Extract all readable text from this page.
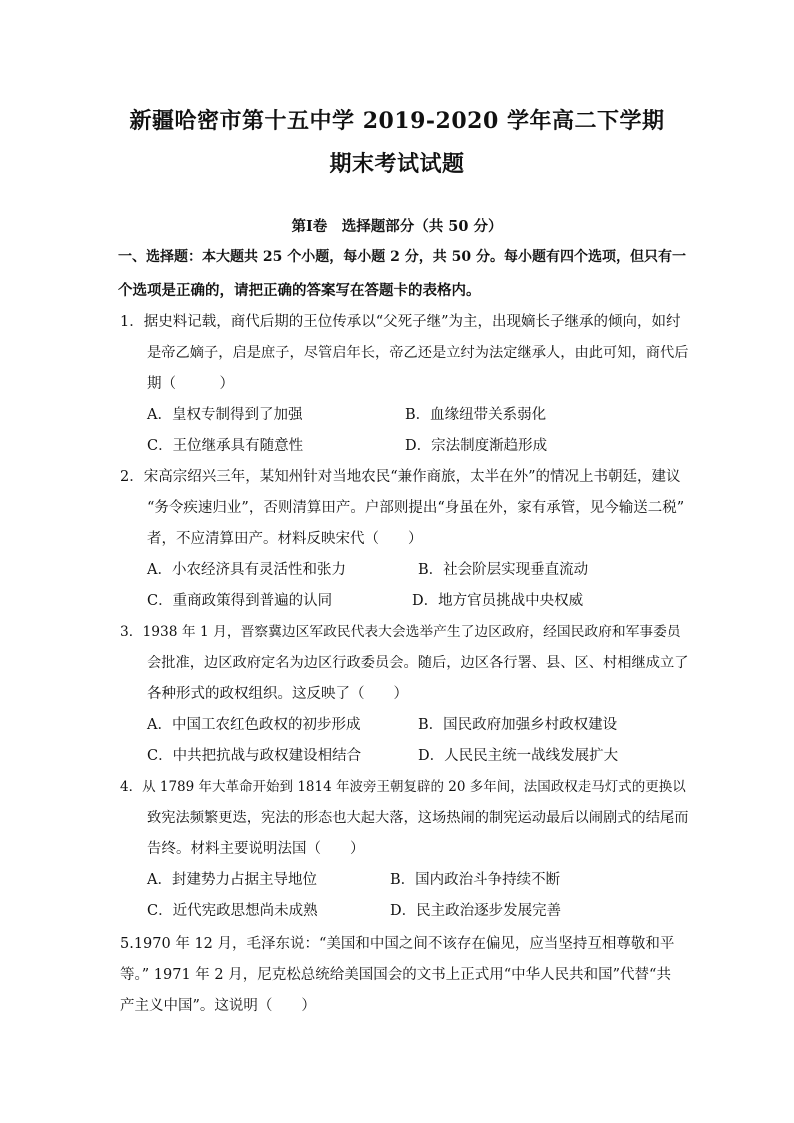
新疆哈密市第十五中学 2019-2020 学年高二下学期
期末考试试题
第Ⅰ卷　选择题部分（共 50 分）
一、选择题：本大题共 25 个小题，每小题 2 分，共 50 分。每小题有四个选项，但只有一
个选项是正确的，请把正确的答案写在答题卡的表格内。
1．据史料记载，商代后期的王位传承以“父死子继”为主，出现嫡长子继承的倾向，如纣
是帝乙嫡子，启是庶子，尽管启年长，帝乙还是立纣为法定继承人，由此可知，商代后
期（　　　）
A．皇权专制得到了加强	B．血缘纽带关系弱化
C．王位继承具有随意性	D．宗法制度渐趋形成
2．宋高宗绍兴三年，某知州针对当地农民“兼作商旅，太半在外”的情况上书朝廷，建议
“务令疾速归业”，否则清算田产。户部则提出“身虽在外，家有承管，见今输送二税”
者，不应清算田产。材料反映宋代（　　）
A．小农经济具有灵活性和张力	B．社会阶层实现垂直流动
C．重商政策得到普遍的认同	D．地方官员挑战中央权威
3．1938 年 1 月，晋察冀边区军政民代表大会选举产生了边区政府，经国民政府和军事委员
会批准，边区政府定名为边区行政委员会。随后，边区各行署、县、区、村相继成立了
各种形式的政权组织。这反映了（　　）
A．中国工农红色政权的初步形成	B．国民政府加强乡村政权建设
C．中共把抗战与政权建设相结合	D．人民民主统一战线发展扩大
4．从 1789 年大革命开始到 1814 年波旁王朝复辟的 20 多年间，法国政权走马灯式的更换以
致宪法频繁更迭，宪法的形态也大起大落，这场热闹的制宪运动最后以闹剧式的结尾而
告终。材料主要说明法国（　　）
A．封建势力占据主导地位	B．国内政治斗争持续不断
C．近代宪政思想尚未成熟	D．民主政治逐步发展完善
5.1970 年 12 月，毛泽东说：“美国和中国之间不该存在偏见，应当坚持互相尊敬和平
等。” 1971 年 2 月，尼克松总统给美国国会的文书上正式用“中华人民共和国”代替“共
产主义中国”。这说明（　　）
